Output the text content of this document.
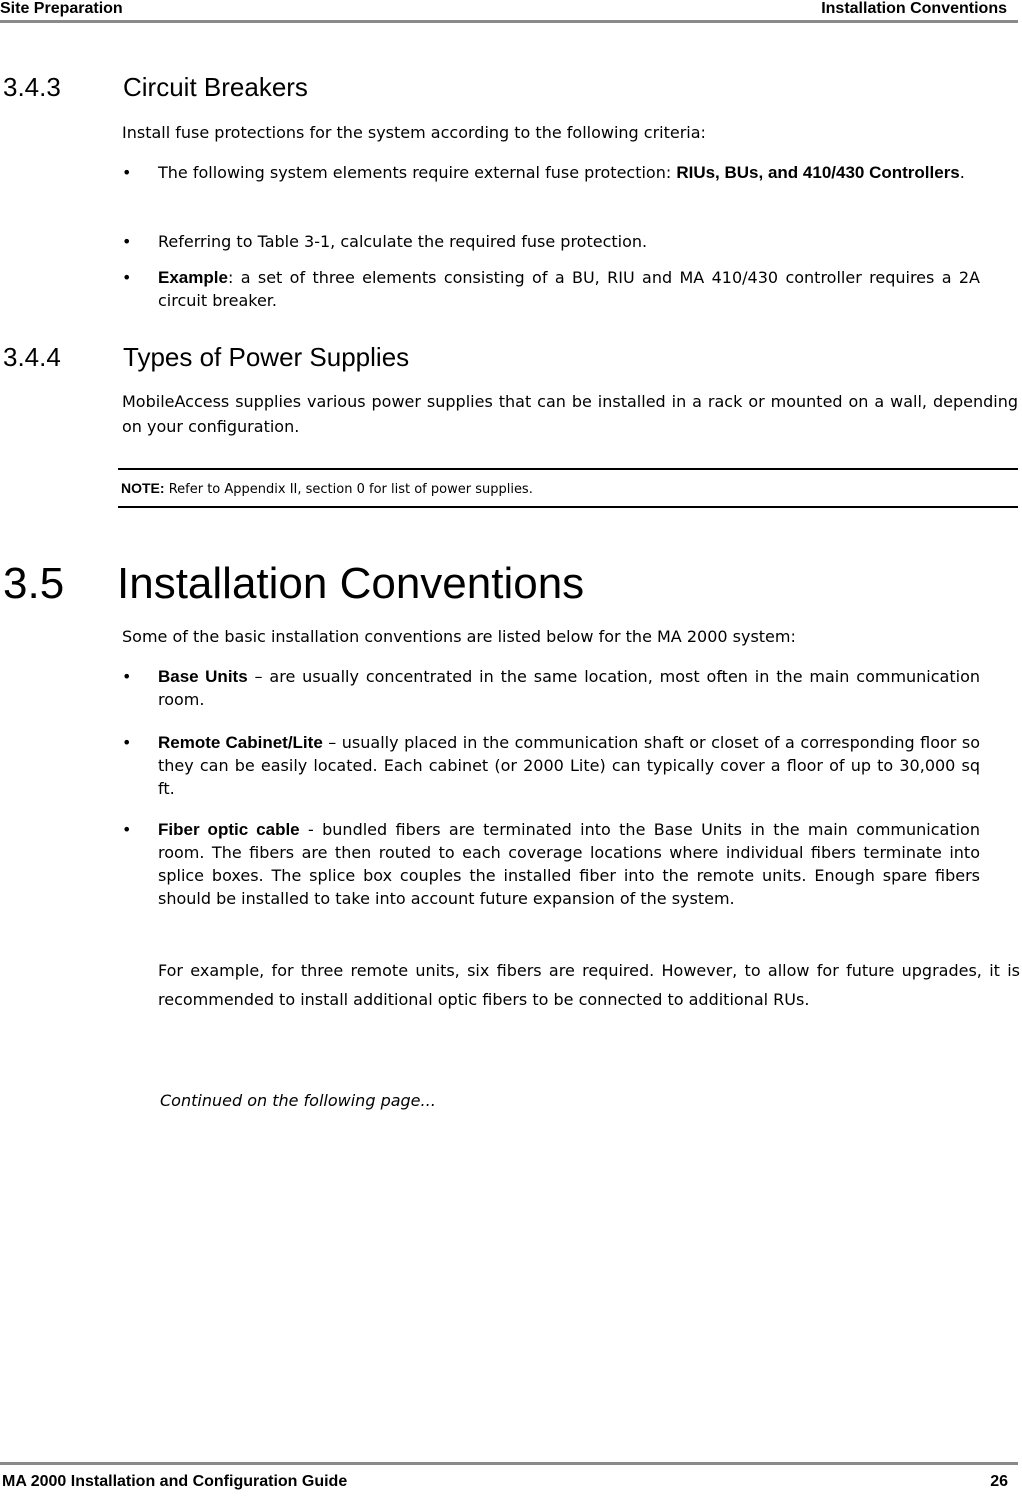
Site Preparation	Installation Conventions
3.4.3 Circuit Breakers
Install fuse protections for the system according to the following criteria:
•	The following system elements require external fuse protection: RIUs, BUs, and 410/430 Controllers.
•	Referring to Table 3-1, calculate the required fuse protection.
•	Example: a set of three elements consisting of a BU, RIU and MA 410/430 controller requires a 2A circuit breaker.
3.4.4 Types of Power Supplies
MobileAccess supplies various power supplies that can be installed in a rack or mounted on a wall, depending on your configuration.
NOTE: Refer to Appendix II, section 0 for list of power supplies.
3.5 Installation Conventions
Some of the basic installation conventions are listed below for the MA 2000 system:
•	Base Units – are usually concentrated in the same location, most often in the main communication room.
•	Remote Cabinet/Lite – usually placed in the communication shaft or closet of a corresponding floor so they can be easily located. Each cabinet (or 2000 Lite) can typically cover a floor of up to 30,000 sq ft.
•	Fiber optic cable - bundled fibers are terminated into the Base Units in the main communication room. The fibers are then routed to each coverage locations where individual fibers terminate into splice boxes. The splice box couples the installed fiber into the remote units. Enough spare fibers should be installed to take into account future expansion of the system.
For example, for three remote units, six fibers are required. However, to allow for future upgrades, it is recommended to install additional optic fibers to be connected to additional RUs.
Continued on the following page...
MA 2000 Installation and Configuration Guide	26
